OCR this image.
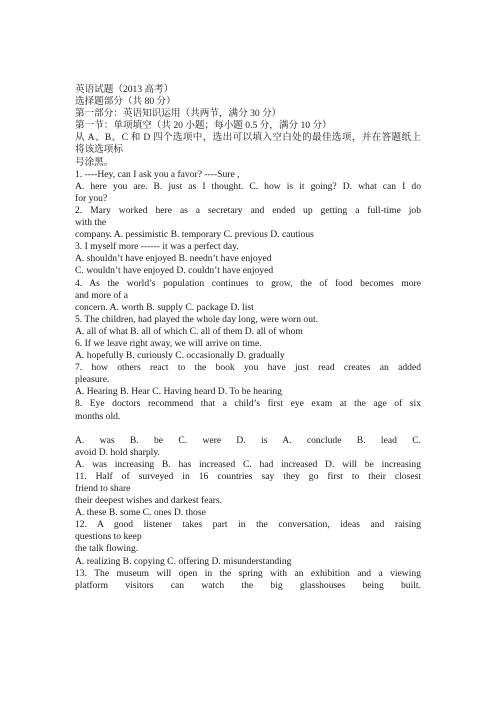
英语试题（2013 高考）

选择题部分（共 80 分）

第一部分：英语知识运用（共两节，满分 30 分）

第一节：单项填空（共 20 小题；每小题 0.5 分，满分 10 分）

从 A、B、C 和 D 四个选项中，选出可以填入空白处的最佳选项，并在答题纸上

将该选项标

号涂黑。

1. ----Hey, can I ask you a favor? ----Sure ,

A. here you are. B. just as I thought. C. how is it going? D. what can I do

for you?

2. Mary worked here as a secretary and ended up getting a full-time job

with the

company. A. pessimistic B. temporary C. previous D. cautious

3. I myself more ------ it was a perfect day.

A. shouldn’t have enjoyed B. needn’t have enjoyed

C. wouldn’t have enjoyed D. couldn’t have enjoyed

4. As the world’s population continues to grow, the of food becomes more

and more of a

concern. A. worth B. supply C. package D. list

5. The children, had played the whole day long, were worn out.

A. all of what B. all of which C. all of them D. all of whom

6. If we leave right away, we will arrive on time.

A. hopefully B. curiously C. occasionally D. gradually

7. how others react to the book you have just read creates an added

pleasure.

A. Hearing B. Hear C. Having heard D. To be hearing

8. Eye doctors recommend that a child’s first eye exam at the age of six

months old.

A. was B. be C. were D. is A. conclude B. lead C.

avoid D. hold sharply.

A. was increasing B. has increased C. had increased D. will be increasing

11. Half of surveyed in 16 countries say they go first to their closest

friend to share

their deepest wishes and darkest fears.

A. these B. some C. ones D. those

12. A good listener takes part in the conversation, ideas and raising

questions to keep

the talk flowing.

A. realizing B. copying C. offering D. misunderstanding

13. The museum will open in the spring with an exhibition and a viewing

platform visitors can watch the big glasshouses being built.
